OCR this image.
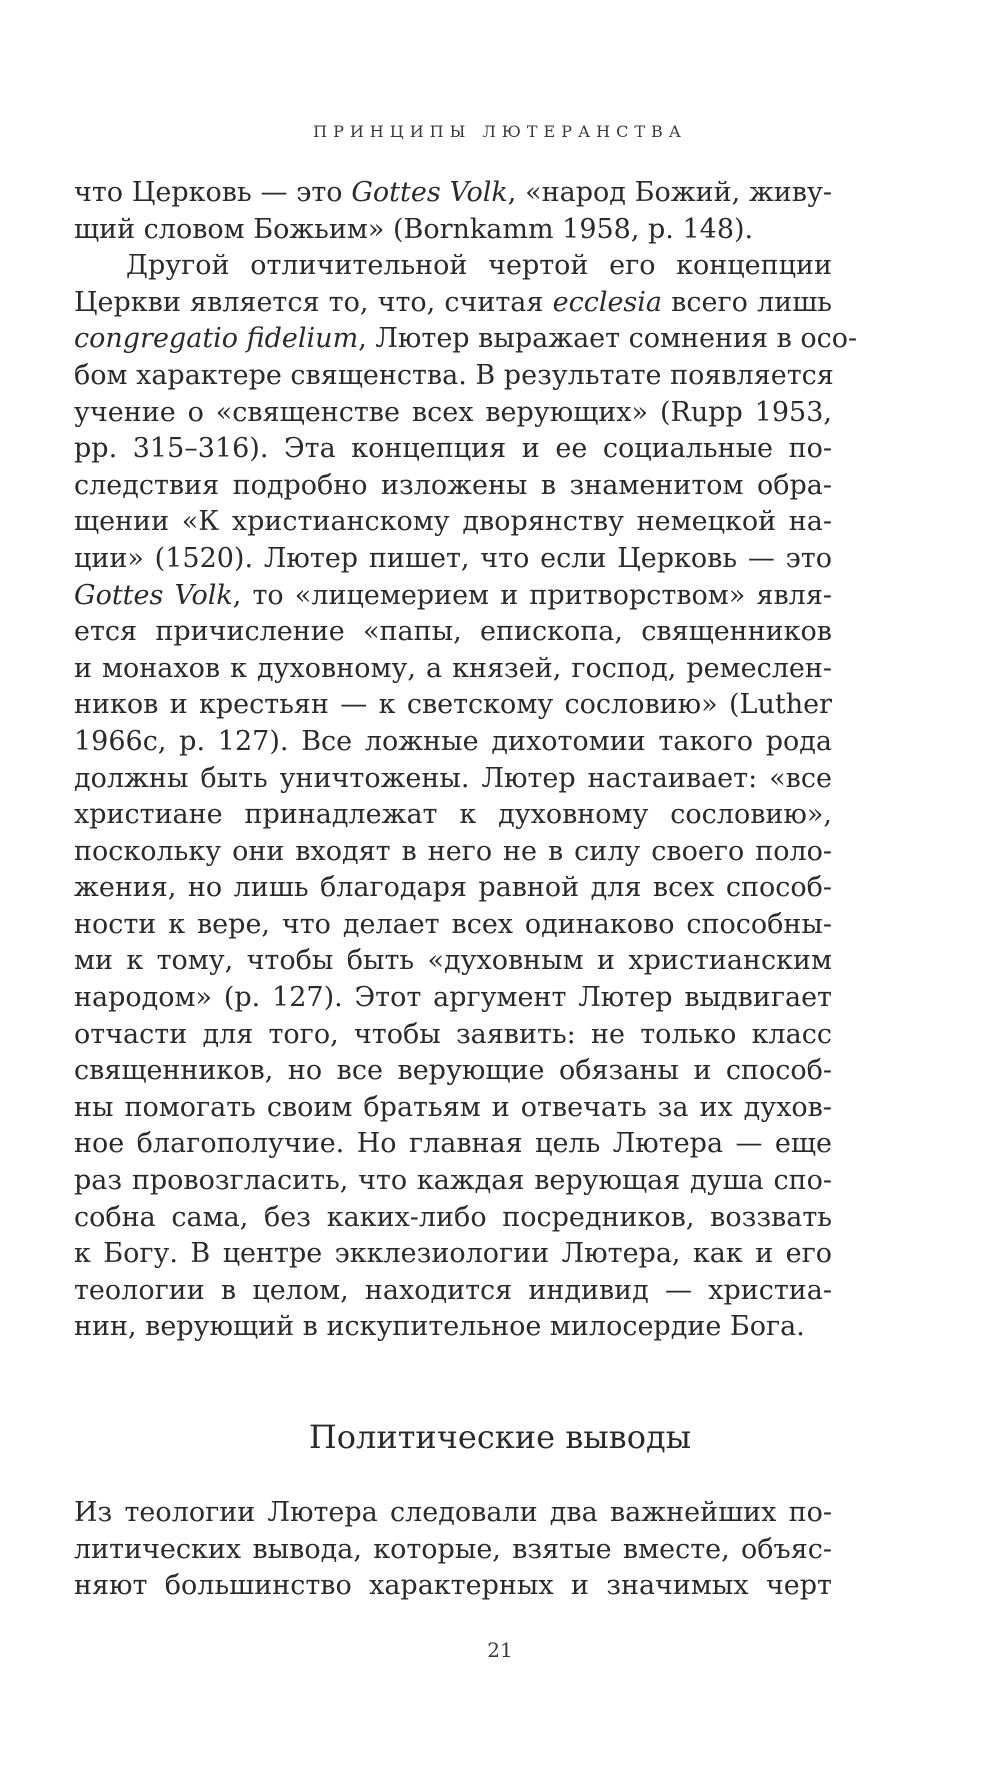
ПРИНЦИПЫ ЛЮТЕРАНСТВА
что Церковь — это Gottes Volk, «народ Божий, живу-
щий словом Божьим» (Bornkamm 1958, p. 148).
Другой отличительной чертой его концепции
Церкви является то, что, считая ecclesia всего лишь
congregatio fidelium, Лютер выражает сомнения в осо-
бом характере священства. В результате появляется
учение о «священстве всех верующих» (Rupp 1953,
pp. 315–316). Эта концепция и ее социальные по-
следствия подробно изложены в знаменитом обра-
щении «К христианскому дворянству немецкой на-
ции» (1520). Лютер пишет, что если Церковь — это
Gottes Volk, то «лицемерием и притворством» явля-
ется причисление «папы, епископа, священников
и монахов к духовному, а князей, господ, ремеслен-
ников и крестьян — к светскому сословию» (Luther
1966c, p. 127). Все ложные дихотомии такого рода
должны быть уничтожены. Лютер настаивает: «все
христиане принадлежат к духовному сословию»,
поскольку они входят в него не в силу своего поло-
жения, но лишь благодаря равной для всех способ-
ности к вере, что делает всех одинаково способны-
ми к тому, чтобы быть «духовным и христианским
народом» (p. 127). Этот аргумент Лютер выдвигает
отчасти для того, чтобы заявить: не только класс
священников, но все верующие обязаны и способ-
ны помогать своим братьям и отвечать за их духов-
ное благополучие. Но главная цель Лютера — еще
раз провозгласить, что каждая верующая душа спо-
собна сама, без каких-либо посредников, воззвать
к Богу. В центре экклезиологии Лютера, как и его
теологии в целом, находится индивид — христиа-
нин, верующий в искупительное милосердие Бога.
Политические выводы
Из теологии Лютера следовали два важнейших по-
литических вывода, которые, взятые вместе, объяс-
няют большинство характерных и значимых черт
21
